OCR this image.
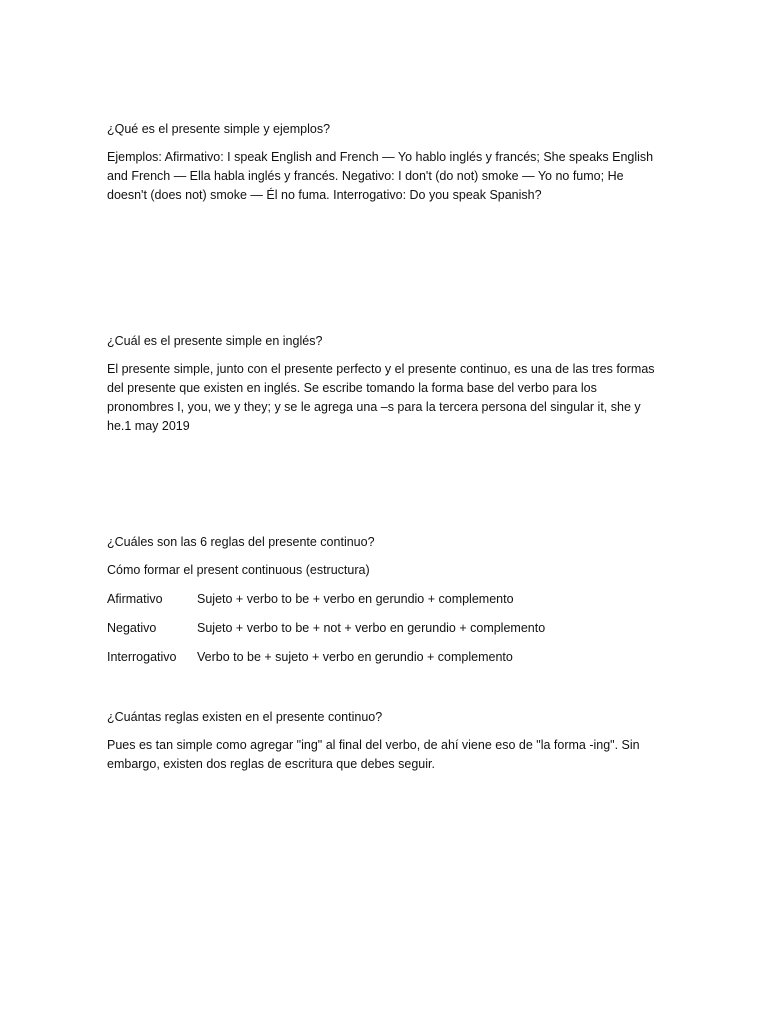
¿Qué es el presente simple y ejemplos?

Ejemplos: Afirmativo: I speak English and French — Yo hablo inglés y francés; She speaks English and French — Ella habla inglés y francés. Negativo: I don't (do not) smoke — Yo no fumo; He doesn't (does not) smoke — Él no fuma. Interrogativo: Do you speak Spanish?

¿Cuál es el presente simple en inglés?

El presente simple, junto con el presente perfecto y el presente continuo, es una de las tres formas del presente que existen en inglés. Se escribe tomando la forma base del verbo para los pronombres I, you, we y they; y se le agrega una –s para la tercera persona del singular it, she y he.1 may 2019

¿Cuáles son las 6 reglas del presente continuo?

Cómo formar el present continuous (estructura)

Afirmativo	Sujeto + verbo to be + verbo en gerundio + complemento
Negativo	Sujeto + verbo to be + not + verbo en gerundio + complemento
Interrogativo	Verbo to be + sujeto + verbo en gerundio + complemento

¿Cuántas reglas existen en el presente continuo?

Pues es tan simple como agregar "ing" al final del verbo, de ahí viene eso de "la forma -ing". Sin embargo, existen dos reglas de escritura que debes seguir.
